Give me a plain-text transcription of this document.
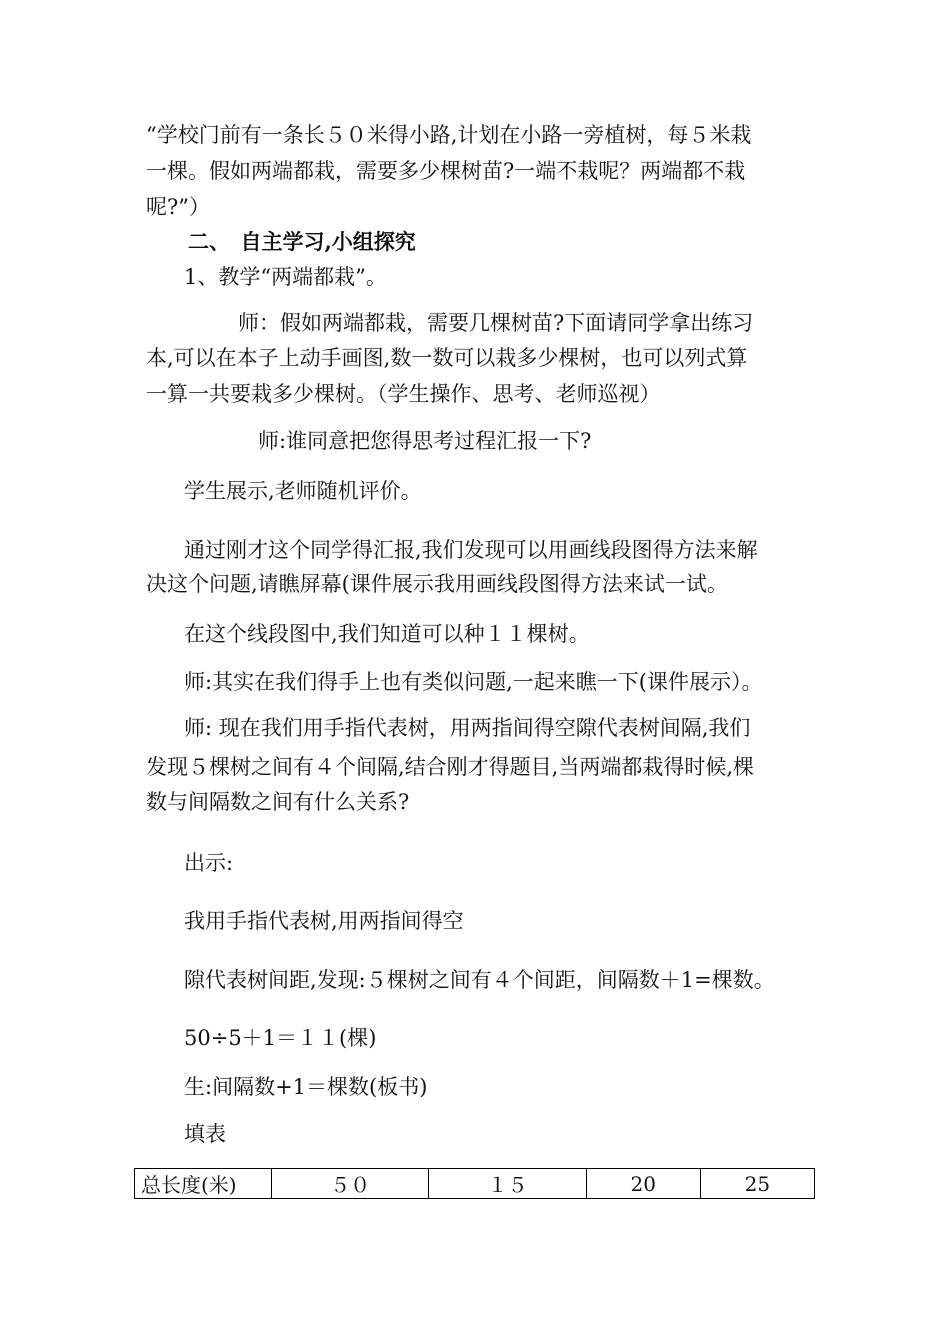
“学校门前有一条长５０米得小路,计划在小路一旁植树，每５米栽
一棵。假如两端都栽，需要多少棵树苗?一端不栽呢？两端都不栽
呢?”）
二、　自主学习,小组探究
1、教学“两端都栽”。
师：假如两端都栽，需要几棵树苗?下面请同学拿出练习
本,可以在本子上动手画图,数一数可以栽多少棵树，也可以列式算
一算一共要栽多少棵树。（学生操作、思考、老师巡视）
师:谁同意把您得思考过程汇报一下?
学生展示,老师随机评价。
通过刚才这个同学得汇报,我们发现可以用画线段图得方法来解
决这个问题,请瞧屏幕(课件展示我用画线段图得方法来试一试。
在这个线段图中,我们知道可以种１１棵树。
师:其实在我们得手上也有类似问题,一起来瞧一下(课件展示）。
师: 现在我们用手指代表树，用两指间得空隙代表树间隔,我们
发现５棵树之间有４个间隔,结合刚才得题目,当两端都栽得时候,棵
数与间隔数之间有什么关系?
出示:
我用手指代表树,用两指间得空
隙代表树间距,发现:５棵树之间有４个间距，间隔数＋1=棵数。
50÷5＋1＝１１(棵)
生:间隔数+1＝棵数(板书)
填表
总长度(米)	５０	１５	20	25
